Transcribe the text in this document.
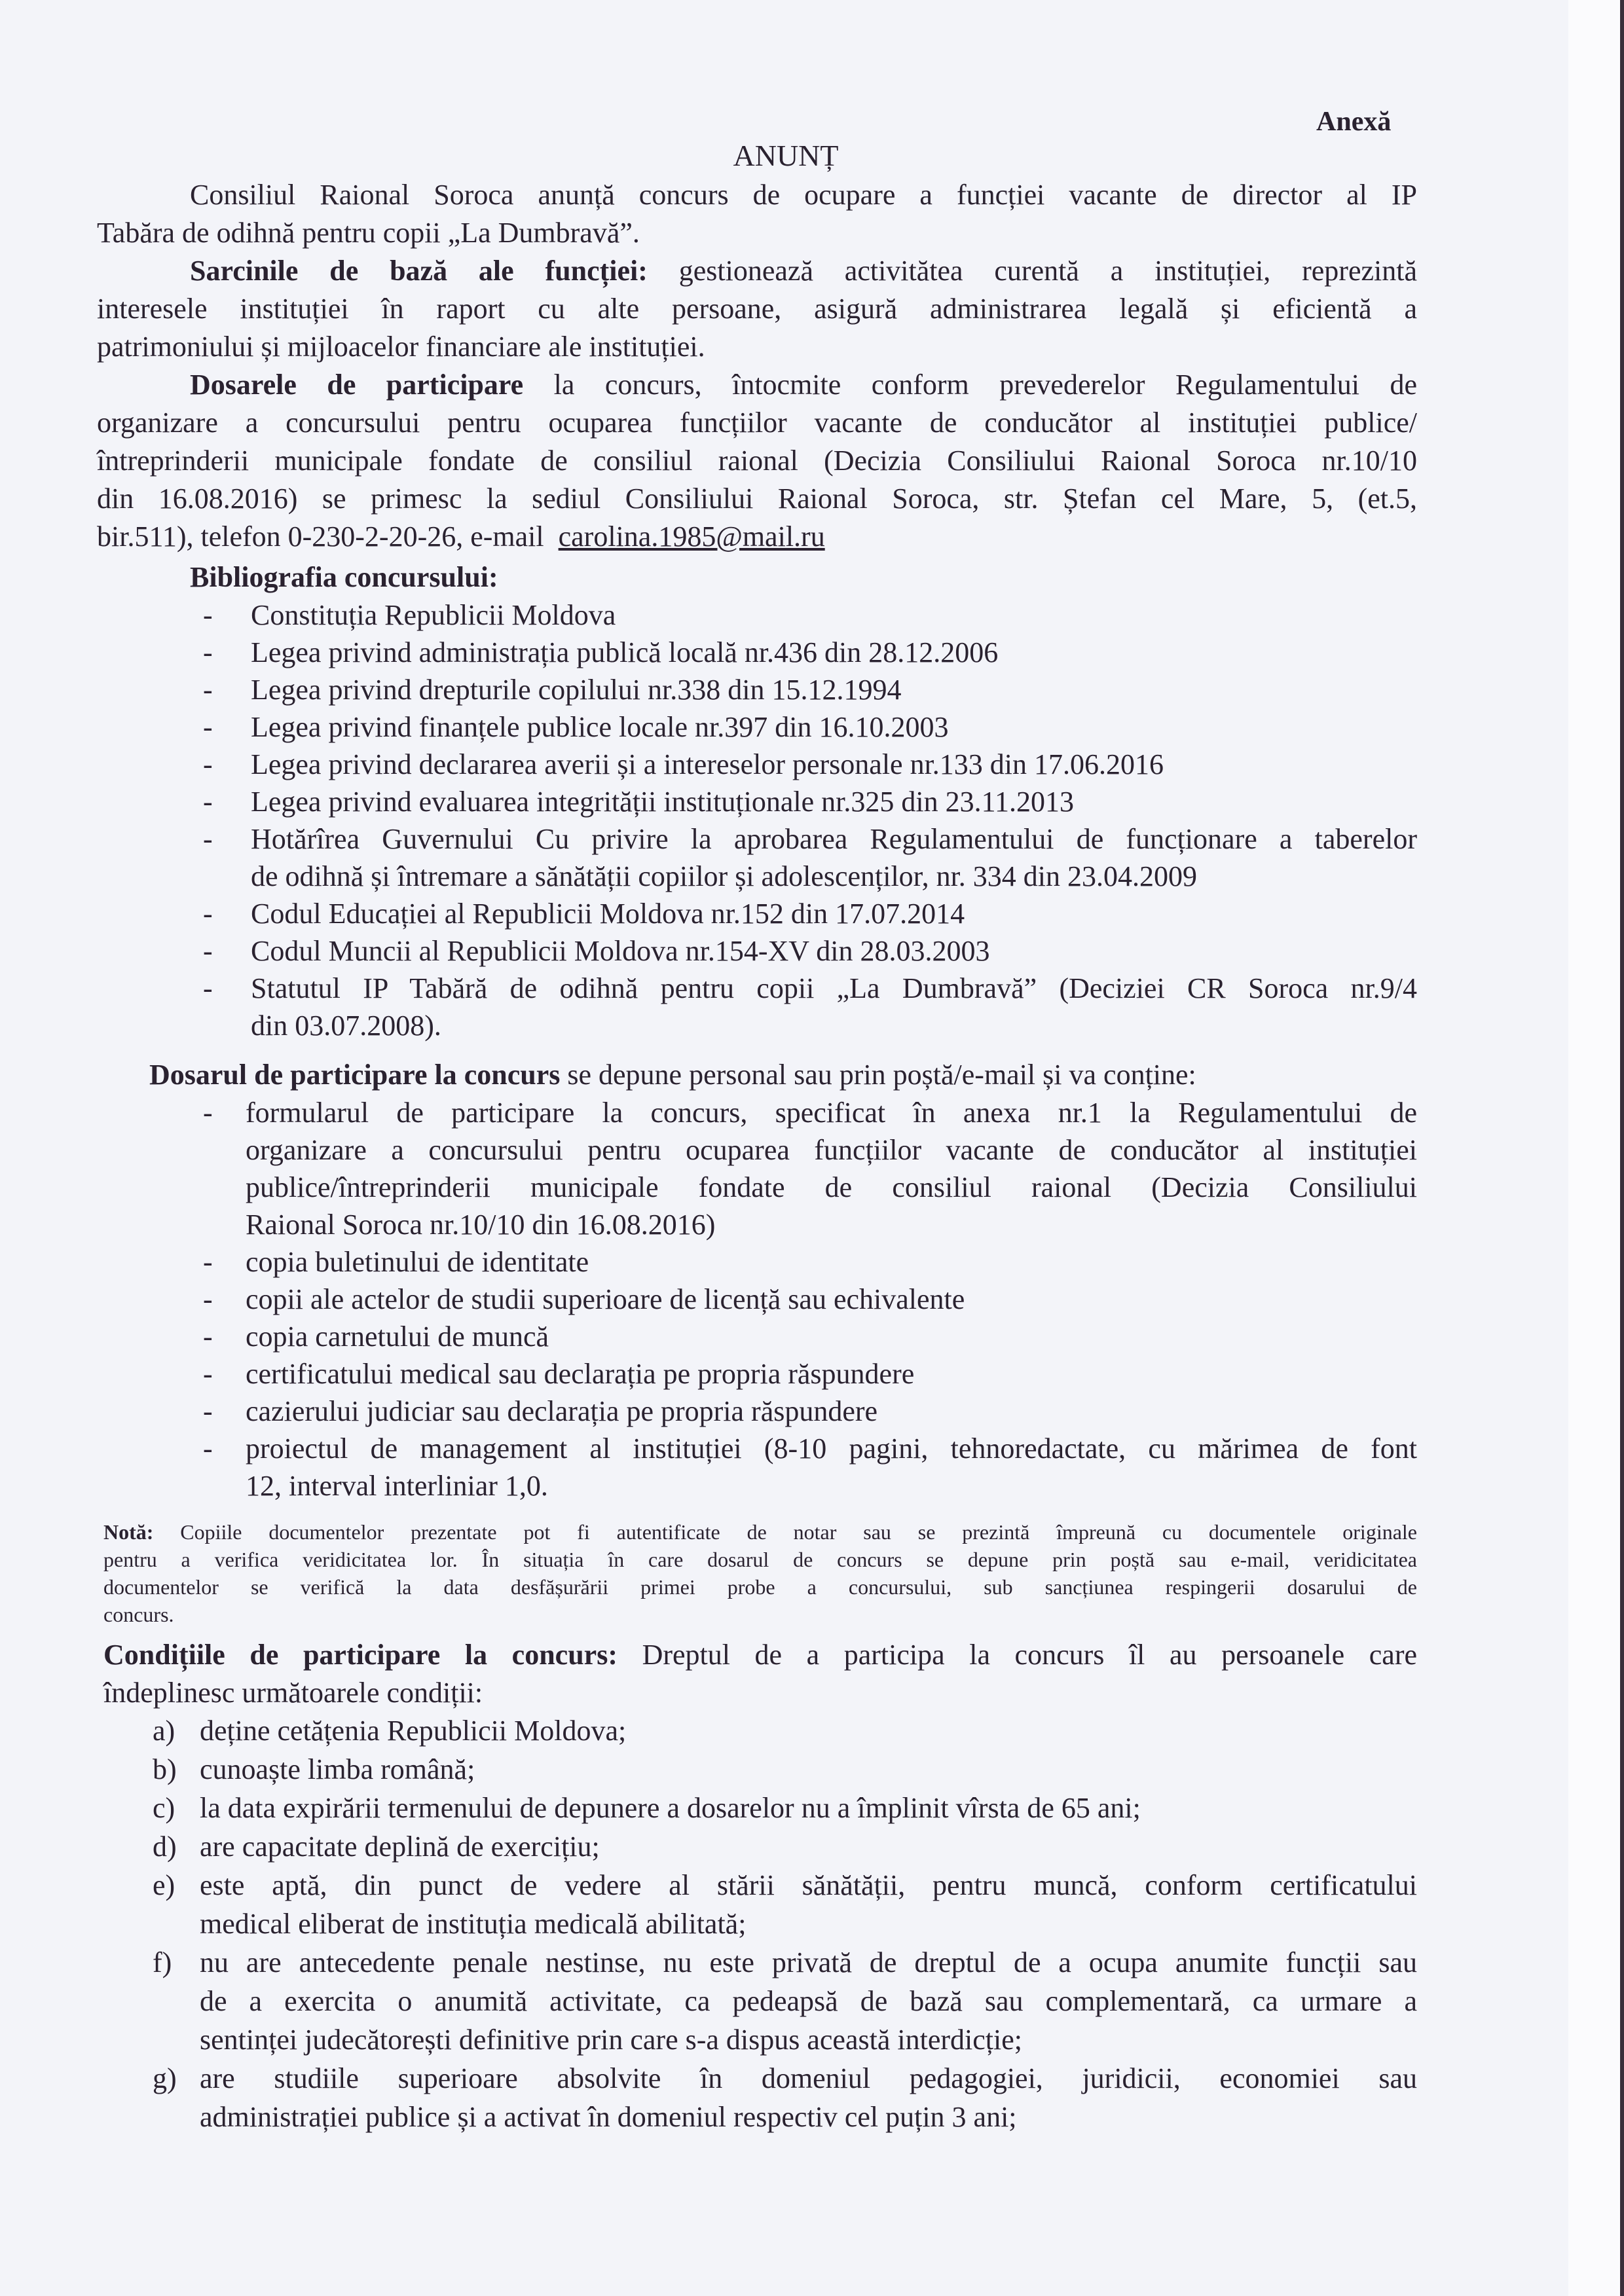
Anexă
ANUNȚ
Consiliul Raional Soroca anunță concurs de ocupare a funcției vacante de director al IP
Tabăra de odihnă pentru copii „La Dumbravă”.
Sarcinile de bază ale funcției: gestionează activitătea curentă a instituției, reprezintă
interesele instituției în raport cu alte persoane, asigură administrarea legală și eficientă a
patrimoniului și mijloacelor financiare ale instituției.
Dosarele de participare la concurs, întocmite conform prevederelor Regulamentului de
organizare a concursului pentru ocuparea funcțiilor vacante de conducător al instituției publice/
întreprinderii municipale fondate de consiliul raional (Decizia Consiliului Raional Soroca nr.10/10
din 16.08.2016) se primesc la sediul Consiliului Raional Soroca, str. Ștefan cel Mare, 5, (et.5,
bir.511), telefon 0-230-2-20-26, e-mail carolina.1985@mail.ru
Bibliografia concursului:
- Constituția Republicii Moldova
- Legea privind administrația publică locală nr.436 din 28.12.2006
- Legea privind drepturile copilului nr.338 din 15.12.1994
- Legea privind finanțele publice locale nr.397 din 16.10.2003
- Legea privind declararea averii și a intereselor personale nr.133 din 17.06.2016
- Legea privind evaluarea integrității instituționale nr.325 din 23.11.2013
- Hotărîrea Guvernului Cu privire la aprobarea Regulamentului de funcționare a taberelor
de odihnă și întremare a sănătății copiilor și adolescenților, nr. 334 din 23.04.2009
- Codul Educației al Republicii Moldova nr.152 din 17.07.2014
- Codul Muncii al Republicii Moldova nr.154-XV din 28.03.2003
- Statutul IP Tabără de odihnă pentru copii „La Dumbravă” (Deciziei CR Soroca nr.9/4
din 03.07.2008).
Dosarul de participare la concurs se depune personal sau prin poștă/e-mail și va conține:
- formularul de participare la concurs, specificat în anexa nr.1 la Regulamentului de
organizare a concursului pentru ocuparea funcțiilor vacante de conducător al instituției
publice/întreprinderii municipale fondate de consiliul raional (Decizia Consiliului
Raional Soroca nr.10/10 din 16.08.2016)
- copia buletinului de identitate
- copii ale actelor de studii superioare de licență sau echivalente
- copia carnetului de muncă
- certificatului medical sau declarația pe propria răspundere
- cazierului judiciar sau declarația pe propria răspundere
- proiectul de management al instituției (8-10 pagini, tehnoredactate, cu mărimea de font
12, interval interliniar 1,0.
Notă: Copiile documentelor prezentate pot fi autentificate de notar sau se prezintă împreună cu documentele originale
pentru a verifica veridicitatea lor. În situația în care dosarul de concurs se depune prin poștă sau e-mail, veridicitatea
documentelor se verifică la data desfășurării primei probe a concursului, sub sancțiunea respingerii dosarului de
concurs.
Condițiile de participare la concurs: Dreptul de a participa la concurs îl au persoanele care
îndeplinesc următoarele condiții:
a) deține cetățenia Republicii Moldova;
b) cunoaște limba română;
c) la data expirării termenului de depunere a dosarelor nu a împlinit vîrsta de 65 ani;
d) are capacitate deplină de exercițiu;
e) este aptă, din punct de vedere al stării sănătății, pentru muncă, conform certificatului
medical eliberat de instituția medicală abilitată;
f) nu are antecedente penale nestinse, nu este privată de dreptul de a ocupa anumite funcții sau
de a exercita o anumită activitate, ca pedeapsă de bază sau complementară, ca urmare a
sentinței judecătorești definitive prin care s-a dispus această interdicție;
g) are studiile superioare absolvite în domeniul pedagogiei, juridicii, economiei sau
administrației publice și a activat în domeniul respectiv cel puțin 3 ani;
